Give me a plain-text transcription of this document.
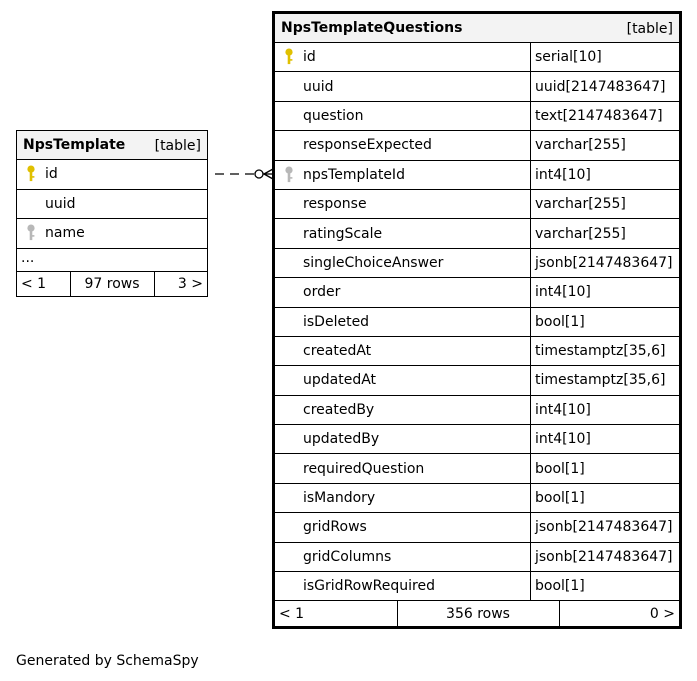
NpsTemplate [table]
id
uuid
name
...
< 1	97 rows	3 >
NpsTemplateQuestions	[table]
id	serial[10]
uuid	uuid[2147483647]
question	text[2147483647]
responseExpected	varchar[255]
npsTemplateId	int4[10]
response	varchar[255]
ratingScale	varchar[255]
singleChoiceAnswer	jsonb[2147483647]
order	int4[10]
isDeleted	bool[1]
createdAt	timestamptz[35,6]
updatedAt	timestamptz[35,6]
createdBy	int4[10]
updatedBy	int4[10]
requiredQuestion	bool[1]
isMandory	bool[1]
gridRows	jsonb[2147483647]
gridColumns	jsonb[2147483647]
isGridRowRequired	bool[1]
< 1	356 rows	0 >
Generated by SchemaSpy
